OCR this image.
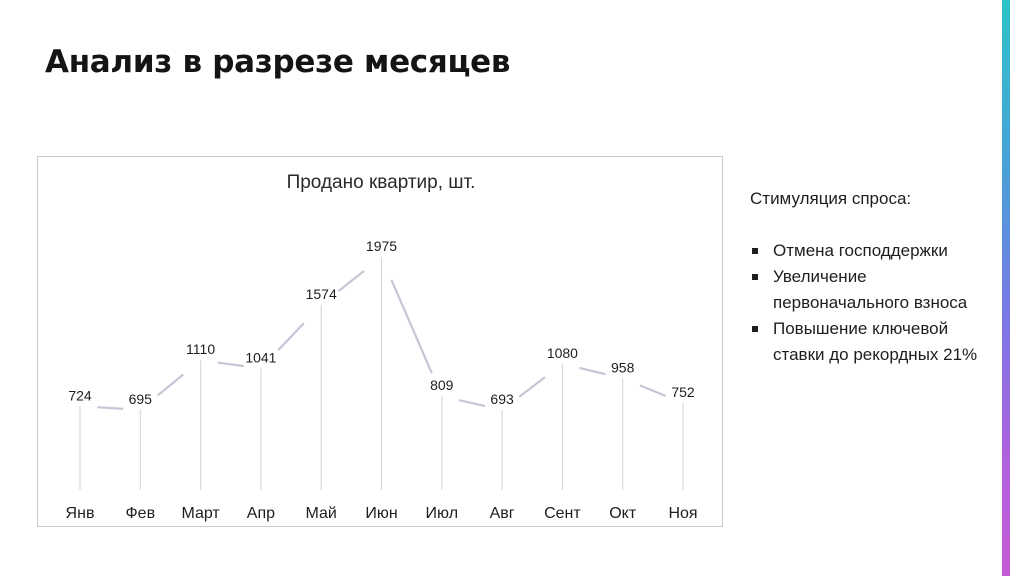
Анализ в разрезе месяцев
Продано квартир, шт.
724	695
1110
1041
1574
1975
809
693
1080
958
752
Янв Фев Март Апр Май Июн Июл Авг Сент Окт Ноя
Стимуляция спроса:
Отмена господдержки
Увеличение первоначального взноса
Повышение ключевой ставки до рекордных 21%
